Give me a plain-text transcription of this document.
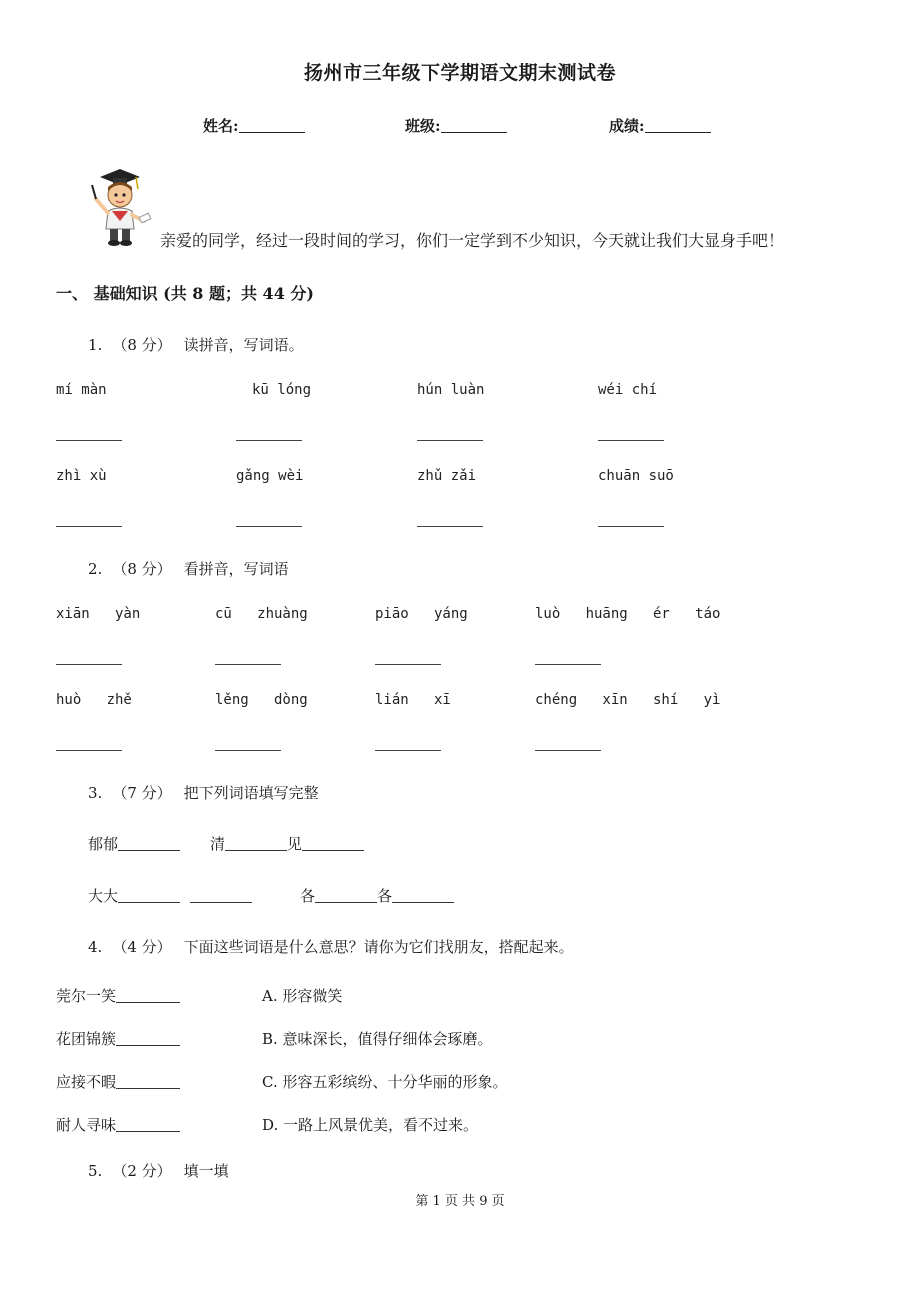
扬州市三年级下学期语文期末测试卷
姓名:	班级:	成绩:
亲爱的同学，经过一段时间的学习，你们一定学到不少知识，今天就让我们大显身手吧！
一、 基础知识 (共 8 题；共 44 分)
1. （8 分） 读拼音，写词语。
mí màn	kū lóng	hún luàn	wéi chí
zhì xù	gǎng wèi	zhǔ zǎi	chuān suō
2. （8 分） 看拼音，写词语
xiān   yàn	cū   zhuàng	piāo   yáng	luò   huāng   ér   táo
huò   zhě	lěng   dòng	lián   xī	chéng   xīn   shí   yì
3. （7 分） 把下列词语填写完整
郁郁	清	见
大大	各	各
4. （4 分） 下面这些词语是什么意思？请你为它们找朋友，搭配起来。
莞尔一笑	A. 形容微笑
花团锦簇	B. 意味深长，值得仔细体会琢磨。
应接不暇	C. 形容五彩缤纷、十分华丽的形象。
耐人寻味	D. 一路上风景优美，看不过来。
5. （2 分） 填一填
第 1 页 共 9 页
